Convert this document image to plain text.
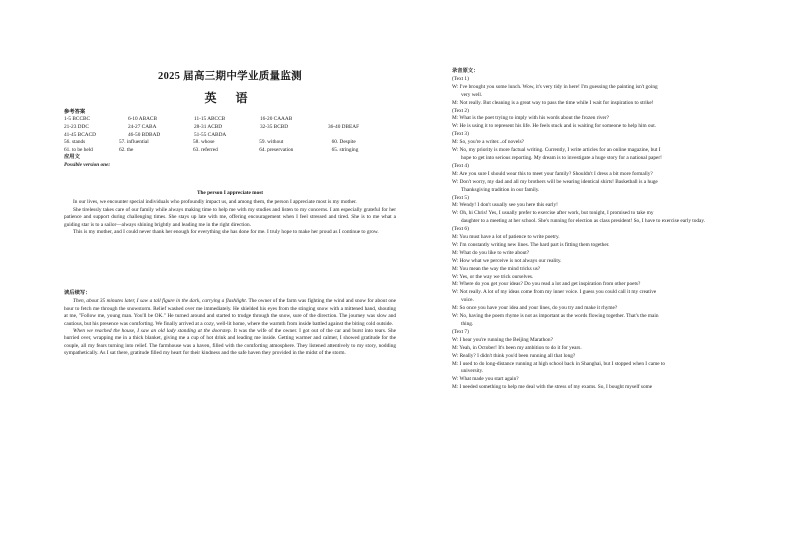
2025 届高三期中学业质量监测
英 语

参考答案

1-5 BCCBC	6-10 ABACB	11-15 ABCCB	16-20 CAAAB	
21-23 DDC	24-27 CABA	28-31 ACBD	32-35 BCBD	36-40 DBEAF
41-45 BCACD	46-50 BDBAD	51-55 CABDA		
56. stands	57. influential	58. whose	59. without	60. Despite
61. to be held	62. the	63. referred	64. preservation	65. stringing

应用文

Possible version one:

The person I appreciate most

In our lives, we encounter special individuals who profoundly impact us, and among them, the person I appreciate most is my mother.

She tirelessly takes care of our family while always making time to help me with my studies and listen to my concerns. I am especially grateful for her patience and support during challenging times. She stays up late with me, offering encouragement when I feel stressed and tired. She is to me what a guiding star is to a sailor—always shining brightly and leading me in the right direction.

This is my mother, and I could never thank her enough for everything she has done for me. I truly hope to make her proud as I continue to grow.

读后续写：

Then, about 35 minutes later, I saw a tall figure in the dark, carrying a flashlight. The owner of the farm was fighting the wind and snow for about one hour to fetch me through the snowstorm. Relief washed over me immediately. He shielded his eyes from the stinging snow with a mittened hand, shouting at me, "Follow me, young man. You'll be OK." He turned around and started to trudge through the snow, sure of the direction. The journey was slow and cautious, but his presence was comforting. We finally arrived at a cozy, well-lit home, where the warmth from inside battled against the biting cold outside.

When we reached the house, I saw an old lady standing at the doorstep. It was the wife of the owner. I got out of the car and burst into tears. She hurried over, wrapping me in a thick blanket, giving me a cup of hot drink and leading me inside. Getting warmer and calmer, I showed gratitude for the couple, all my fears turning into relief. The farmhouse was a haven, filled with the comforting atmosphere. They listened attentively to my story, nodding sympathetically. As I sat there, gratitude filled my heart for their kindness and the safe haven they provided in the midst of the storm.

录音原文：

(Text 1)

W: I've brought you some lunch. Wow, it's very tidy in here! I'm guessing the painting isn't going

very well.

M: Not really. But cleaning is a great way to pass the time while I wait for inspiration to strike!

(Text 2)

M: What is the poet trying to imply with his words about the frozen river?

W: He is using it to represent his life. He feels stuck and is waiting for someone to help him out.

(Text 3)

M: So, you're a writer...of novels?

W: No, my priority is more factual writing. Currently, I write articles for an online magazine, but I

hope to get into serious reporting. My dream is to investigate a huge story for a national paper!

(Text 4)

M: Are you sure I should wear this to meet your family? Shouldn't I dress a bit more formally?

W: Don't worry, my dad and all my brothers will be wearing identical shirts! Basketball is a huge

Thanksgiving tradition in our family.

(Text 5)

M: Wendy! I don't usually see you here this early!

W: Oh, hi Chris! Yes, I usually prefer to exercise after work, but tonight, I promised to take my

daughter to a meeting at her school. She's running for election as class president! So, I have to exercise early today.

(Text 6)

M: You must have a lot of patience to write poetry.

W: I'm constantly writing new lines. The hard part is fitting them together.

M: What do you like to write about?

W: How what we perceive is not always our reality.

M: You mean the way the mind tricks us?

W: Yes, or the way we trick ourselves.

M: Where do you get your ideas? Do you read a lot and get inspiration from other poets?

W: Not really. A lot of my ideas come from my inner voice. I guess you could call it my creative

voice.

M: So once you have your idea and your lines, do you try and make it rhyme?

W: No, having the poem rhyme is not as important as the words flowing together. That's the main

thing.

(Text 7)

W: I hear you're running the Beijing Marathon?

M: Yeah, in October! It's been my ambition to do it for years.

W: Really? I didn't think you'd been running all that long?

M: I used to do long-distance running at high school back in Shanghai, but I stopped when I came to

university.

W: What made you start again?

M: I needed something to help me deal with the stress of my exams. So, I bought myself some
